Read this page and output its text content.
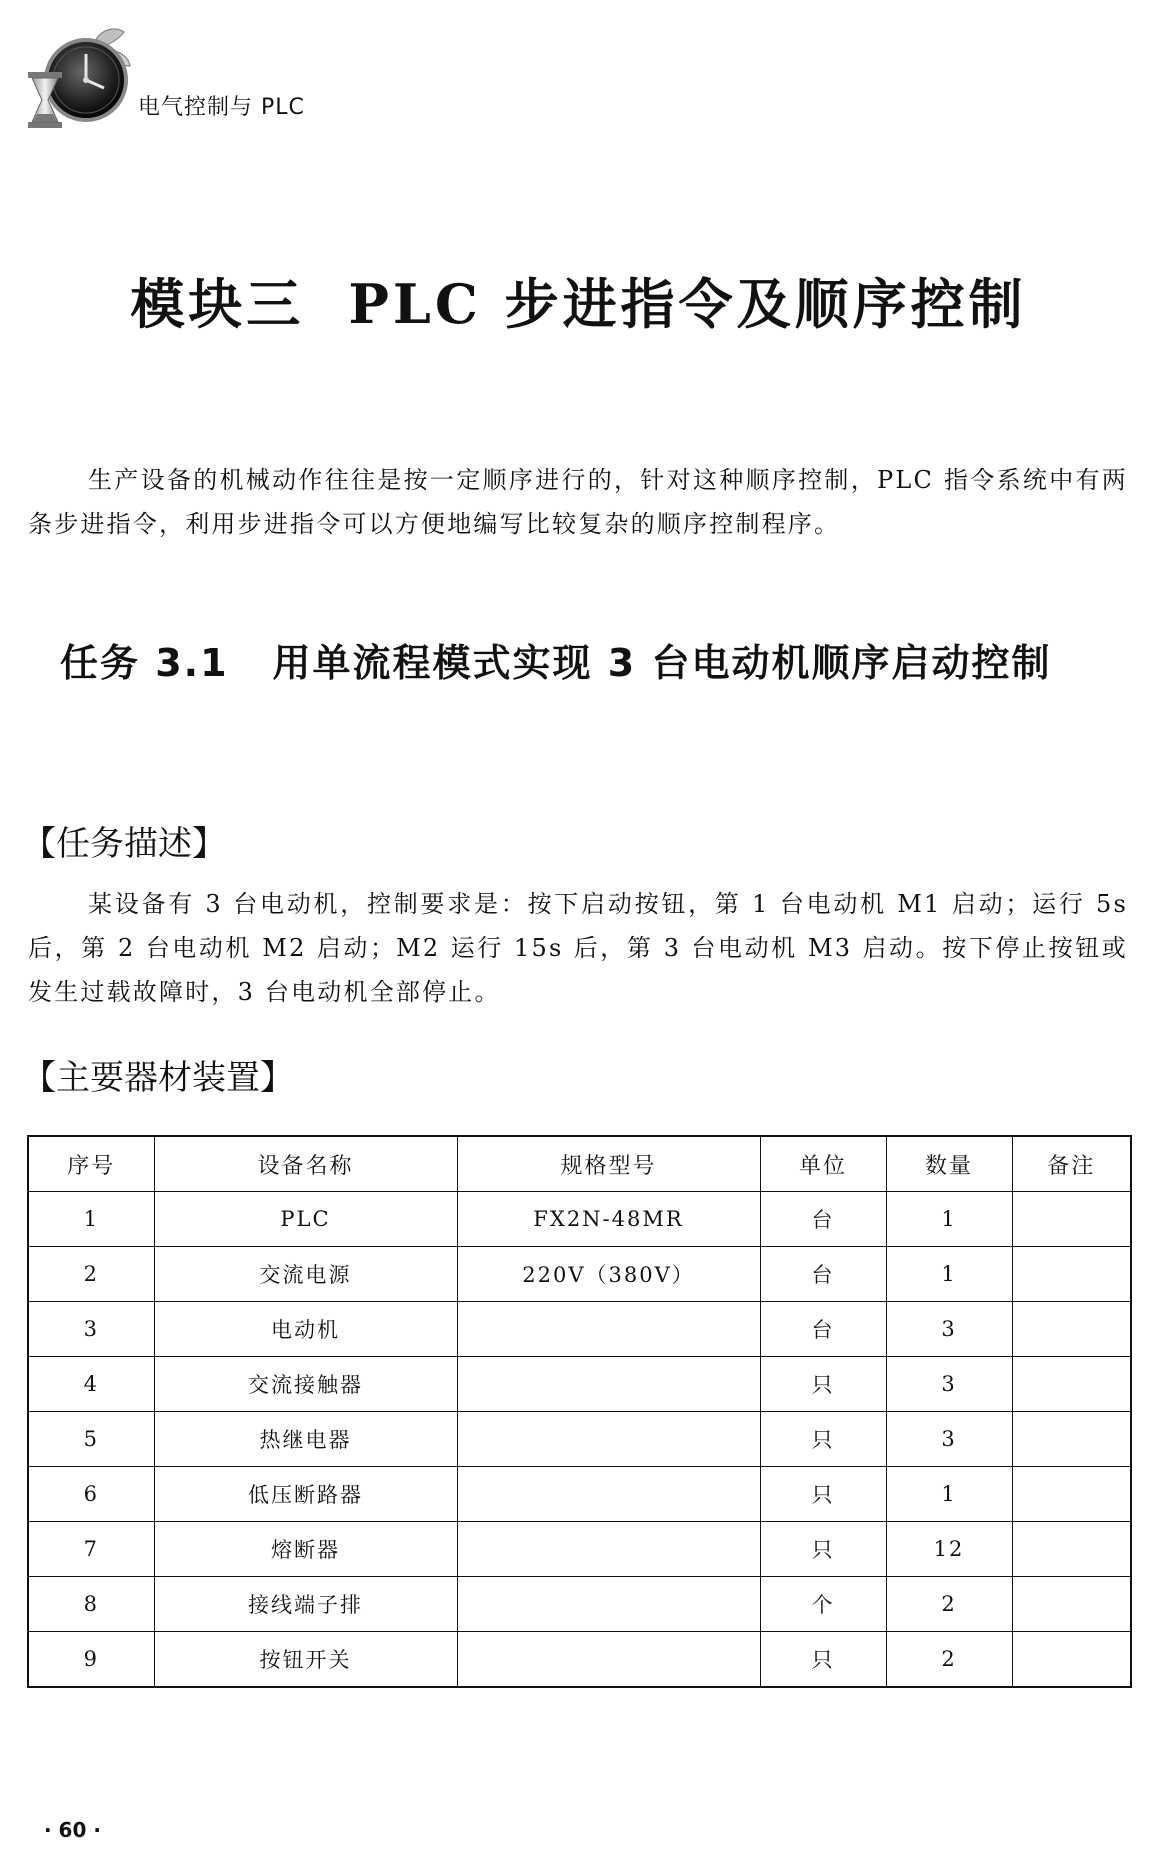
电气控制与 PLC
模块三 PLC 步进指令及顺序控制

生产设备的机械动作往往是按一定顺序进行的，针对这种顺序控制，PLC 指令系统中有两条步进指令，利用步进指令可以方便地编写比较复杂的顺序控制程序。

任务 3.1 用单流程模式实现 3 台电动机顺序启动控制
【任务描述】

某设备有 3 台电动机，控制要求是：按下启动按钮，第 1 台电动机 M1 启动；运行 5s 后，第 2 台电动机 M2 启动；M2 运行 15s 后，第 3 台电动机 M3 启动。按下停止按钮或发生过载故障时，3 台电动机全部停止。

【主要器材装置】
序号	设备名称	规格型号	单位	数量	备注
1	PLC	FX2N-48MR	台	1	
2	交流电源	220V（380V）	台	1	
3	电动机		台	3	
4	交流接触器		只	3	
5	热继电器		只	3	
6	低压断路器		只	1	
7	熔断器		只	12	
8	接线端子排		个	2	
9	按钮开关		只	2	
· 60 ·
